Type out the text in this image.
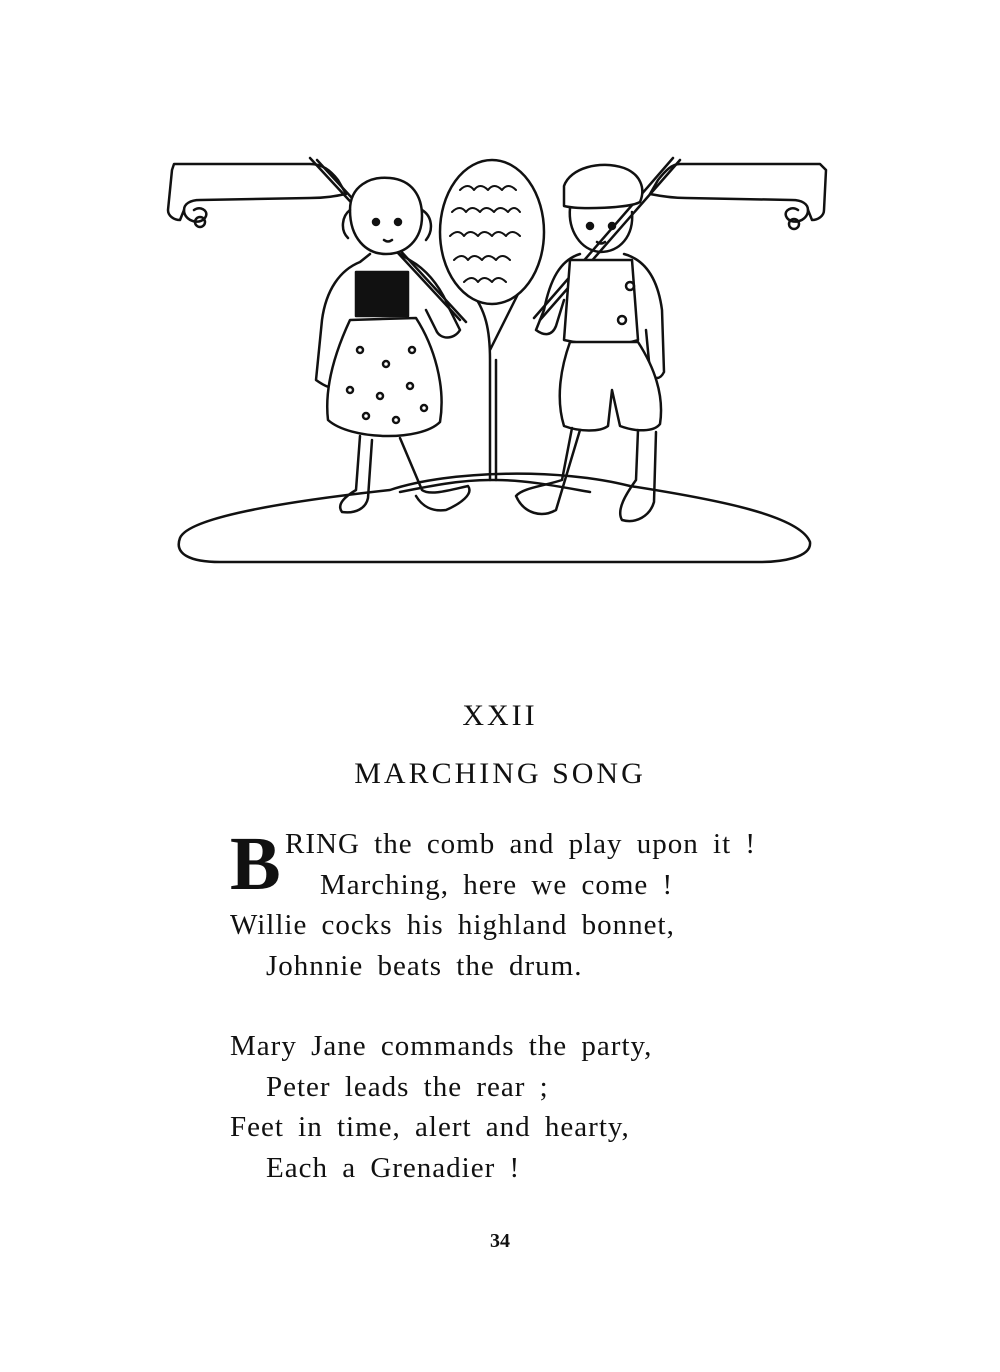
XXII
MARCHING SONG
B RING the comb and play upon it !
Marching, here we come !
Willie cocks his highland bonnet,
Johnnie beats the drum.
Mary Jane commands the party,
Peter leads the rear ;
Feet in time, alert and hearty,
Each a Grenadier !
34
